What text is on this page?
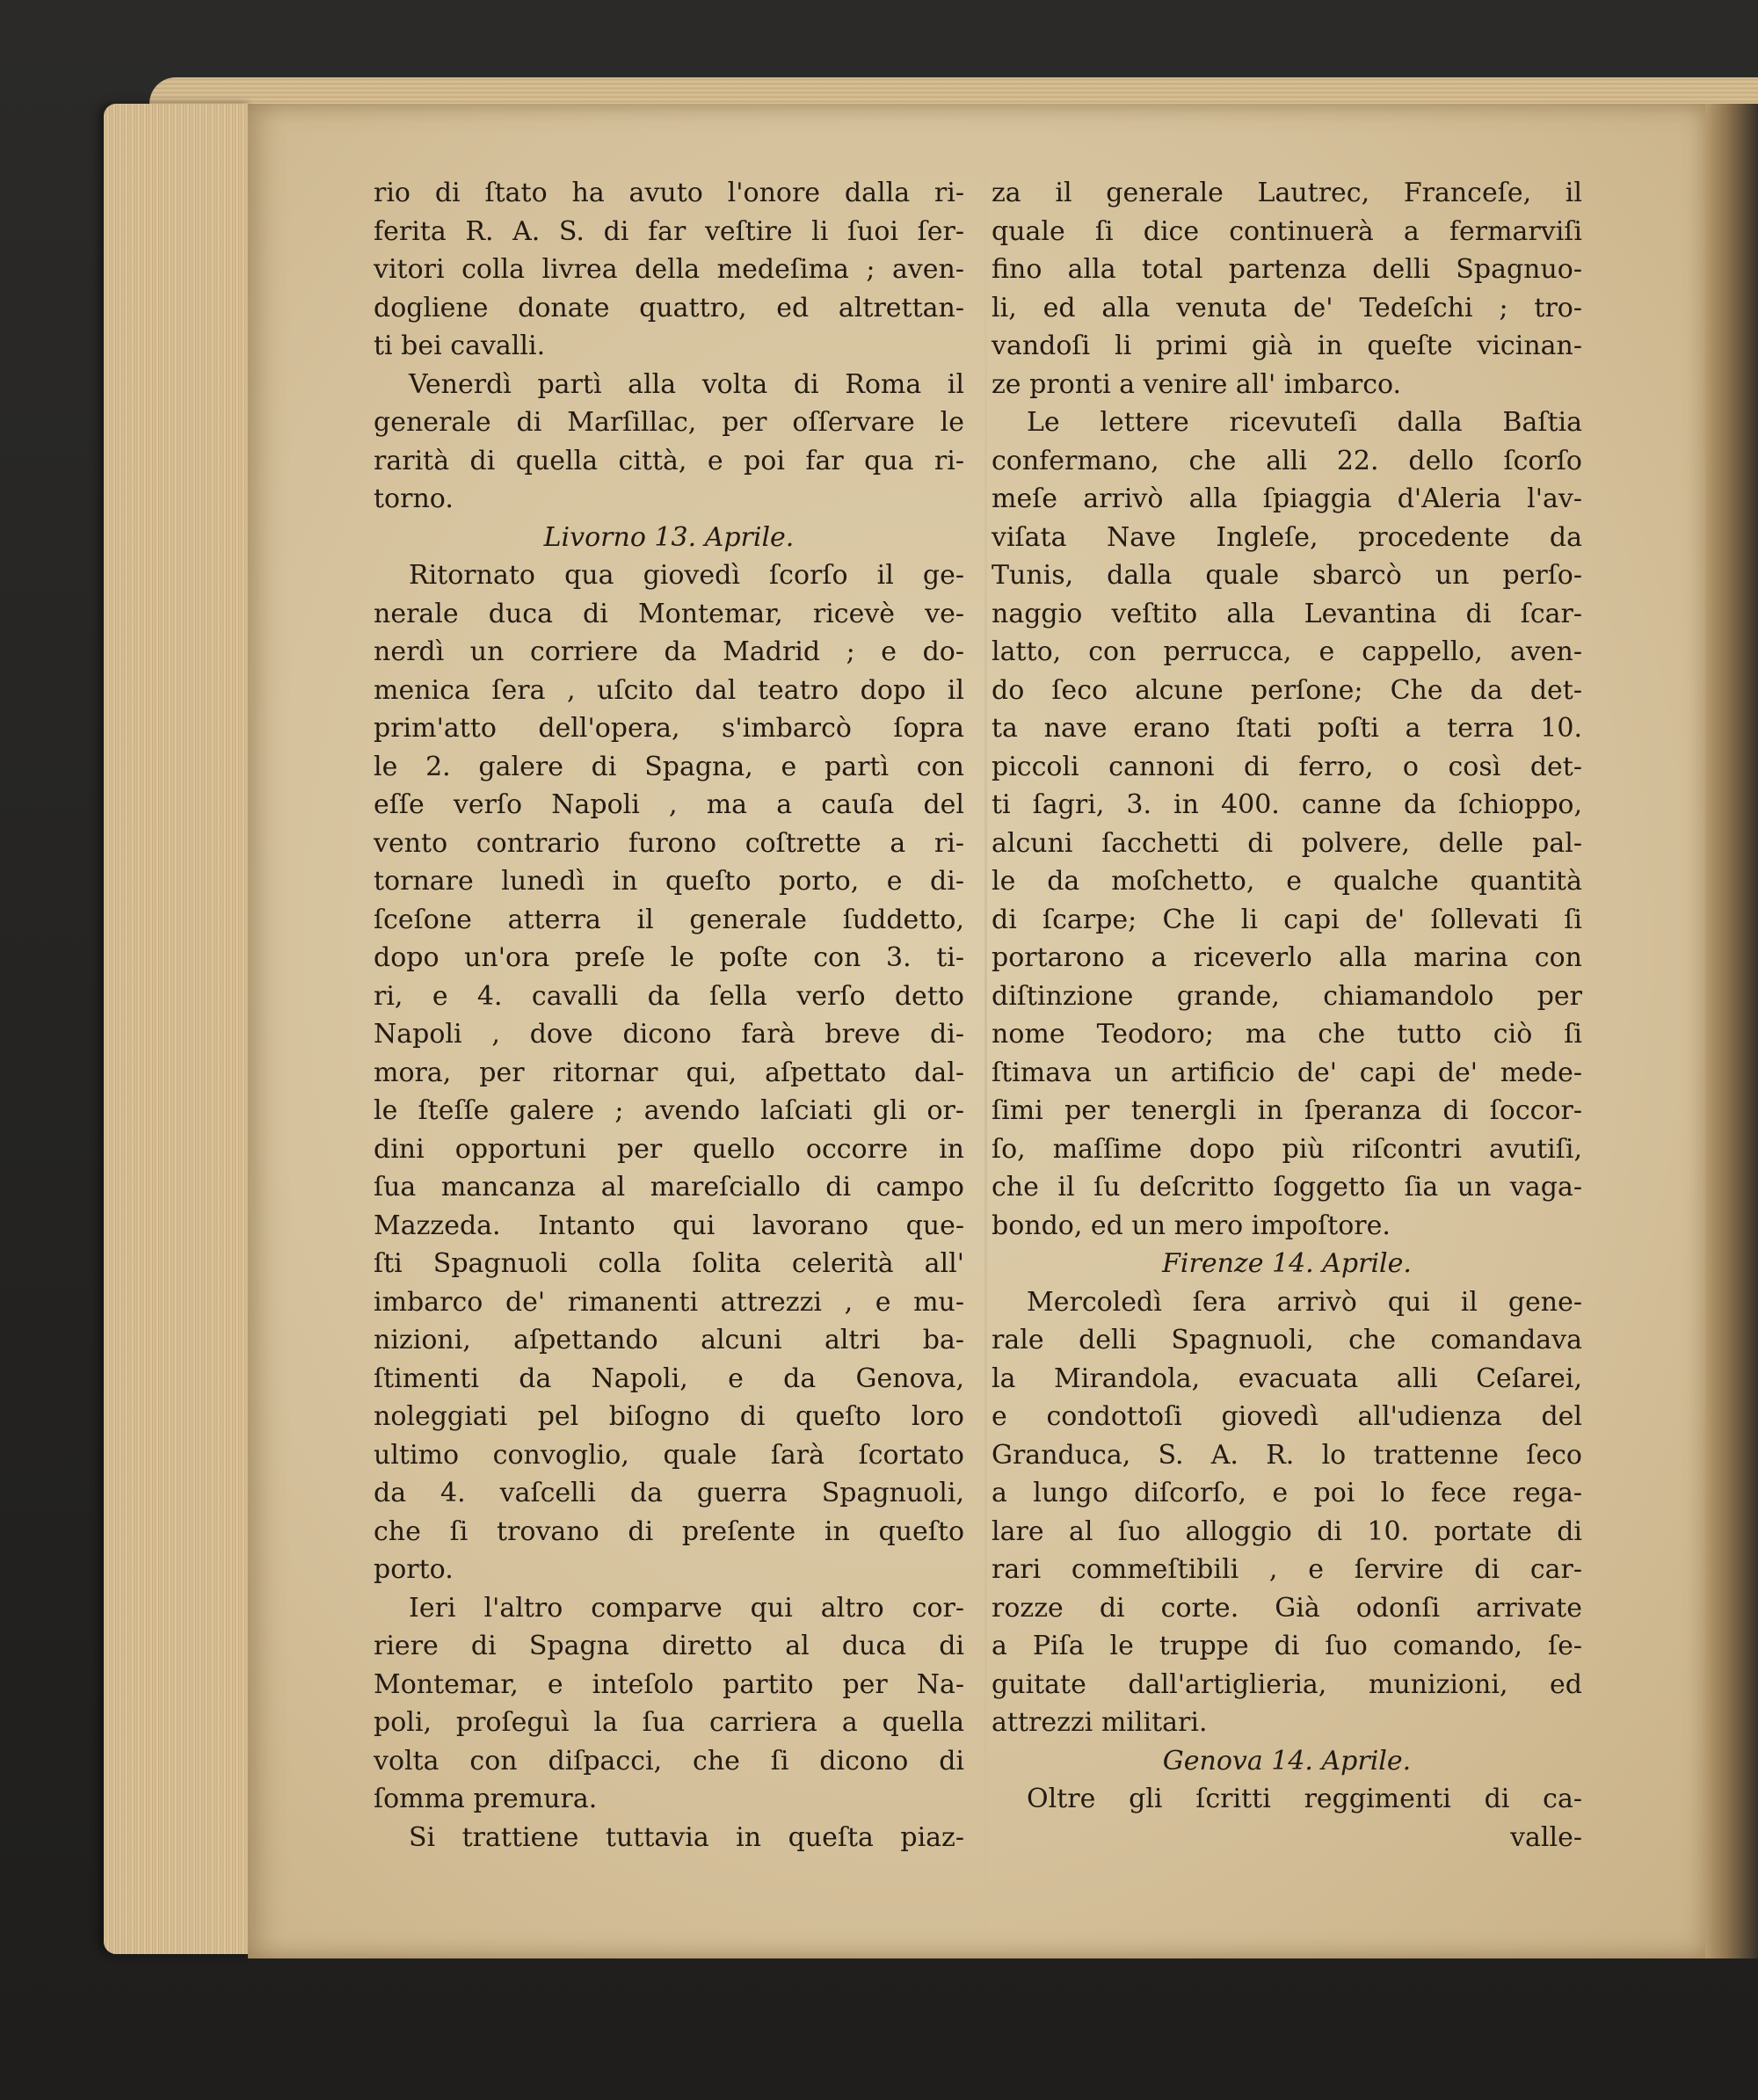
rio di ſtato ha avuto l'onore dalla ri-
ferita R. A. S. di far veſtire li ſuoi ſer-
vitori colla livrea della medeſima ; aven-
dogliene donate quattro, ed altrettan-
ti bei cavalli.
Venerdì partì alla volta di Roma il
generale di Marſillac, per oſſervare le
rarità di quella città, e poi far qua ri-
torno.
Livorno 13. Aprile.
Ritornato qua giovedì ſcorſo il ge-
nerale duca di Montemar, ricevè ve-
nerdì un corriere da Madrid ; e do-
menica ſera , uſcito dal teatro dopo il
prim'atto dell'opera, s'imbarcò ſopra
le 2. galere di Spagna, e partì con
eſſe verſo Napoli , ma a cauſa del
vento contrario furono coſtrette a ri-
tornare lunedì in queſto porto, e di-
ſceſone atterra il generale ſuddetto,
dopo un'ora preſe le poſte con 3. ti-
ri, e 4. cavalli da ſella verſo detto
Napoli , dove dicono farà breve di-
mora, per ritornar qui, aſpettato dal-
le ſteſſe galere ; avendo laſciati gli or-
dini opportuni per quello occorre in
ſua mancanza al mareſciallo di campo
Mazzeda. Intanto qui lavorano que-
ſti Spagnuoli colla ſolita celerità all'
imbarco de' rimanenti attrezzi , e mu-
nizioni, aſpettando alcuni altri ba-
ſtimenti da Napoli, e da Genova,
noleggiati pel biſogno di queſto loro
ultimo convoglio, quale ſarà ſcortato
da 4. vaſcelli da guerra Spagnuoli,
che ſi trovano di preſente in queſto
porto.
Ieri l'altro comparve qui altro cor-
riere di Spagna diretto al duca di
Montemar, e inteſolo partito per Na-
poli, proſeguì la ſua carriera a quella
volta con diſpacci, che ſi dicono di
ſomma premura.
Si trattiene tuttavia in queſta piaz-
za il generale Lautrec, Franceſe, il
quale ſi dice continuerà a fermarviſi
fino alla total partenza delli Spagnuo-
li, ed alla venuta de' Tedeſchi ; tro-
vandoſi li primi già in queſte vicinan-
ze pronti a venire all' imbarco.
Le lettere ricevuteſi dalla Baſtia
confermano, che alli 22. dello ſcorſo
meſe arrivò alla ſpiaggia d'Aleria l'av-
viſata Nave Ingleſe, procedente da
Tunis, dalla quale sbarcò un perſo-
naggio veſtito alla Levantina di ſcar-
latto, con perrucca, e cappello, aven-
do ſeco alcune perſone; Che da det-
ta nave erano ſtati poſti a terra 10.
piccoli cannoni di ferro, o così det-
ti ſagri, 3. in 400. canne da ſchioppo,
alcuni ſacchetti di polvere, delle pal-
le da moſchetto, e qualche quantità
di ſcarpe; Che li capi de' ſollevati ſi
portarono a riceverlo alla marina con
diſtinzione grande, chiamandolo per
nome Teodoro; ma che tutto ciò ſi
ſtimava un artificio de' capi de' mede-
ſimi per tenergli in ſperanza di ſoccor-
ſo, maſſime dopo più riſcontri avutiſi,
che il ſu deſcritto ſoggetto ſia un vaga-
bondo, ed un mero impoſtore.
Firenze 14. Aprile.
Mercoledì ſera arrivò qui il gene-
rale delli Spagnuoli, che comandava
la Mirandola, evacuata alli Ceſarei,
e condottoſi giovedì all'udienza del
Granduca, S. A. R. lo trattenne ſeco
a lungo diſcorſo, e poi lo fece rega-
lare al ſuo alloggio di 10. portate di
rari commeſtibili , e ſervire di car-
rozze di corte. Già odonſi arrivate
a Piſa le truppe di ſuo comando, ſe-
guitate dall'artiglieria, munizioni, ed
attrezzi militari.
Genova 14. Aprile.
Oltre gli ſcritti reggimenti di ca-
valle-
